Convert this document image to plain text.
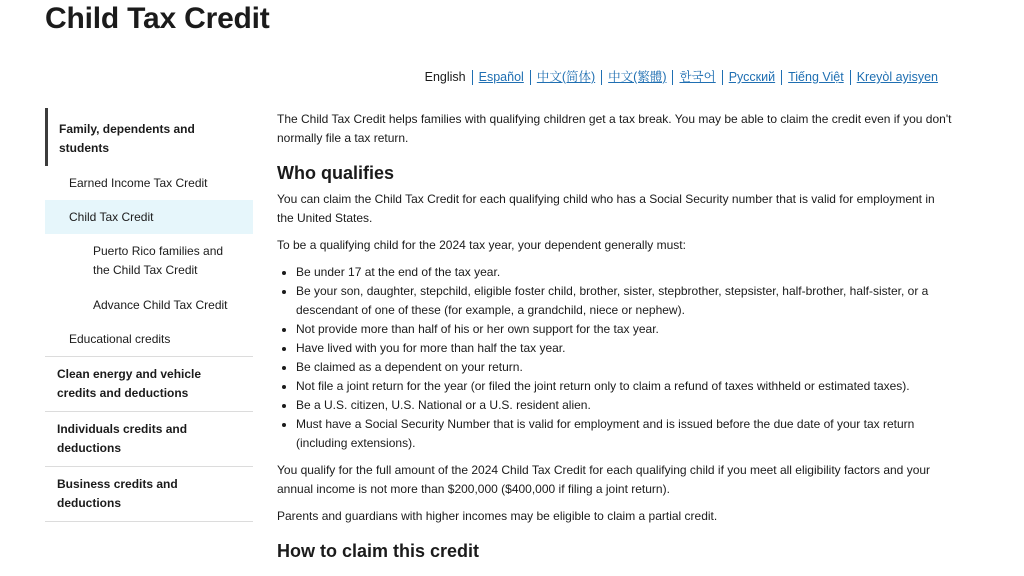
Child Tax Credit
English	Español	中文(简体)	中文(繁體)	한국어	Русский	Tiếng Việt	Kreyòl ayisyen
Family, dependents and students
Earned Income Tax Credit
Child Tax Credit
Puerto Rico families and the Child Tax Credit
Advance Child Tax Credit
Educational credits
Clean energy and vehicle credits and deductions
Individuals credits and deductions
Business credits and deductions

The Child Tax Credit helps families with qualifying children get a tax break. You may be able to claim the credit even if you don't normally file a tax return.

Who qualifies

You can claim the Child Tax Credit for each qualifying child who has a Social Security number that is valid for employment in the United States.

To be a qualifying child for the 2024 tax year, your dependent generally must:

• Be under 17 at the end of the tax year.
• Be your son, daughter, stepchild, eligible foster child, brother, sister, stepbrother, stepsister, half-brother, half-sister, or a descendant of one of these (for example, a grandchild, niece or nephew).
• Not provide more than half of his or her own support for the tax year.
• Have lived with you for more than half the tax year.
• Be claimed as a dependent on your return.
• Not file a joint return for the year (or filed the joint return only to claim a refund of taxes withheld or estimated taxes).
• Be a U.S. citizen, U.S. National or a U.S. resident alien.
• Must have a Social Security Number that is valid for employment and is issued before the due date of your tax return (including extensions).

You qualify for the full amount of the 2024 Child Tax Credit for each qualifying child if you meet all eligibility factors and your annual income is not more than $200,000 ($400,000 if filing a joint return).

Parents and guardians with higher incomes may be eligible to claim a partial credit.

How to claim this credit
